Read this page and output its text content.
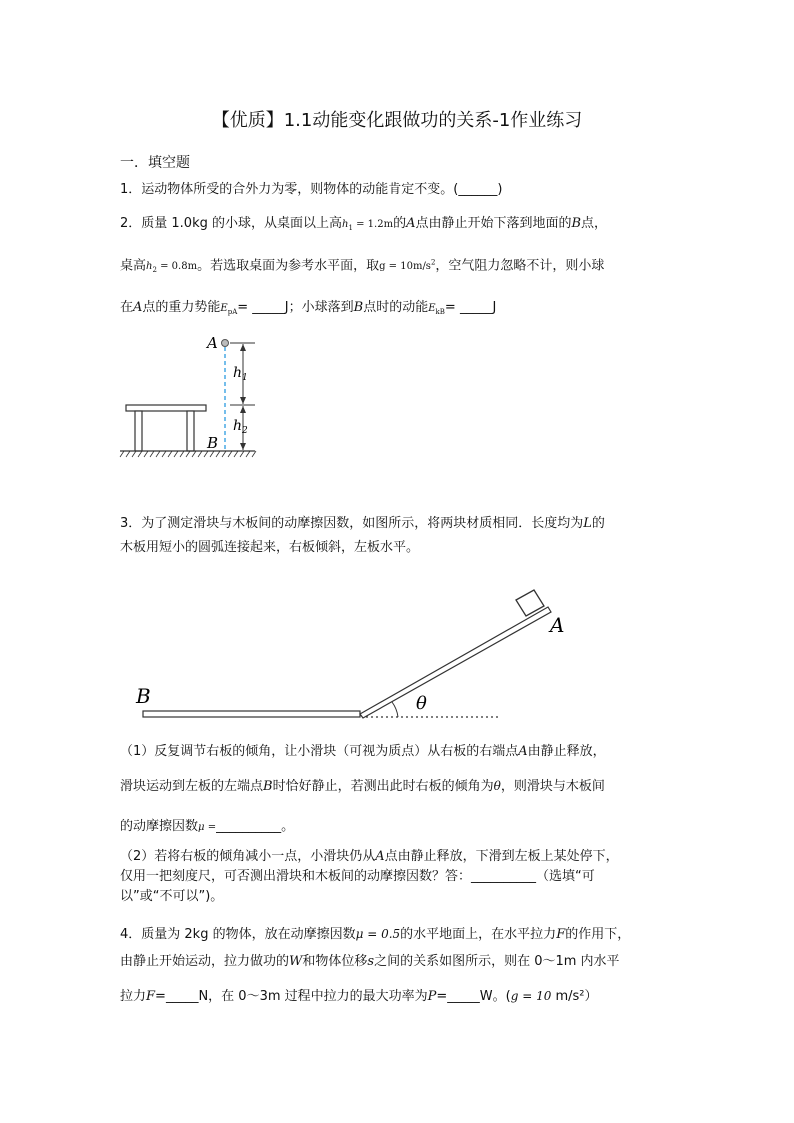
【优质】1.1动能变化跟做功的关系-1作业练习
一．填空题
1．运动物体所受的合外力为零，则物体的动能肯定不变。(______)
2．质量 1.0kg 的小球，从桌面以上高$h_1 = 1.2m$的A点由静止开始下落到地面的B点，
桌高$h_2 = 0.8m$。若选取桌面为参考水平面，取$g = 10m/s^2$，空气阻力忽略不计，则小球
在A点的重力势能$E_{pA}=$ _____J；小球落到B点时的动能$E_{kB}=$ _____J
A
B
$h_1$
$h_2$
3．为了测定滑块与木板间的动摩擦因数，如图所示，将两块材质相同．长度均为L的
木板用短小的圆弧连接起来，右板倾斜，左板水平。
B
A
θ
（1）反复调节右板的倾角，让小滑块（可视为质点）从右板的右端点A由静止释放，
滑块运动到左板的左端点B时恰好静止，若测出此时右板的倾角为θ，则滑块与木板间
的动摩擦因数μ =__________。
（2）若将右板的倾角减小一点，小滑块仍从A点由静止释放，下滑到左板上某处停下，
仅用一把刻度尺，可否测出滑块和木板间的动摩擦因数？答：__________（选填“可
以”或“不可以”)。
4．质量为 2kg 的物体，放在动摩擦因数μ = 0.5的水平地面上，在水平拉力F的作用下，
由静止开始运动，拉力做功的W和物体位移s之间的关系如图所示，则在 0～1m 内水平
拉力F=_____N，在 0～3m 过程中拉力的最大功率为P=_____W。(g = 10 m/s²）
